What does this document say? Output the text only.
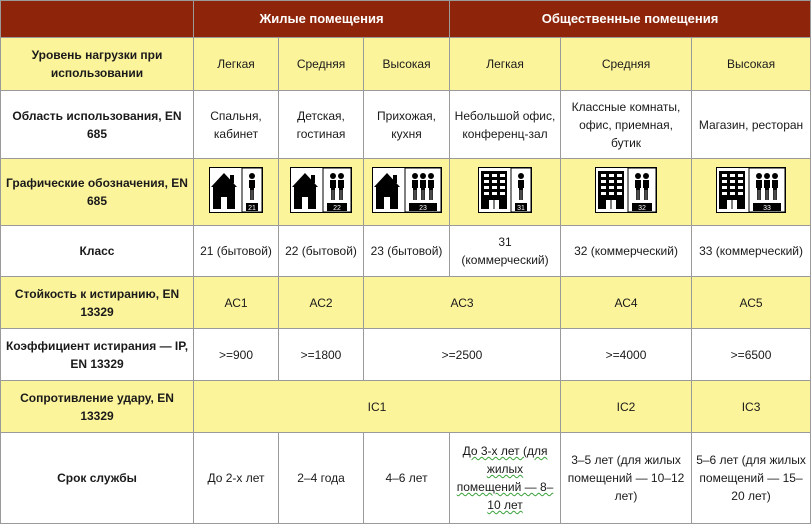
	Жилые помещения			Общественные помещения		
Уровень нагрузки при использовании	Легкая	Средняя	Высокая	Легкая	Средняя	Высокая
Область использования, EN 685	Спальня, кабинет	Детская, гостиная	Прихожая, кухня	Небольшой офис, конференц-зал	Классные комнаты, офис, приемная, бутик	Магазин, ресторан
Графические обозначения, EN 685	21	22	23	31	32	33

Класс	21 (бытовой)	22 (бытовой)	23 (бытовой)	31 (коммерческий)	32 (коммерческий)	33 (коммерческий)
Стойкость к истиранию, EN 13329	АС1	АС2	АС3		АС4	АС5
Коэффициент истирания — IP, EN 13329	>=900	>=1800	>=2500		>=4000	>=6500
Сопротивление удару, EN 13329	IC1				IC2	IC3
Срок службы	До 2-х лет	2–4 года	4–6 лет	До 3-х лет (для жилых помещений — 8–10 лет	3–5 лет (для жилых помещений — 10–12 лет)	5–6 лет (для жилых помещений — 15–20 лет)
